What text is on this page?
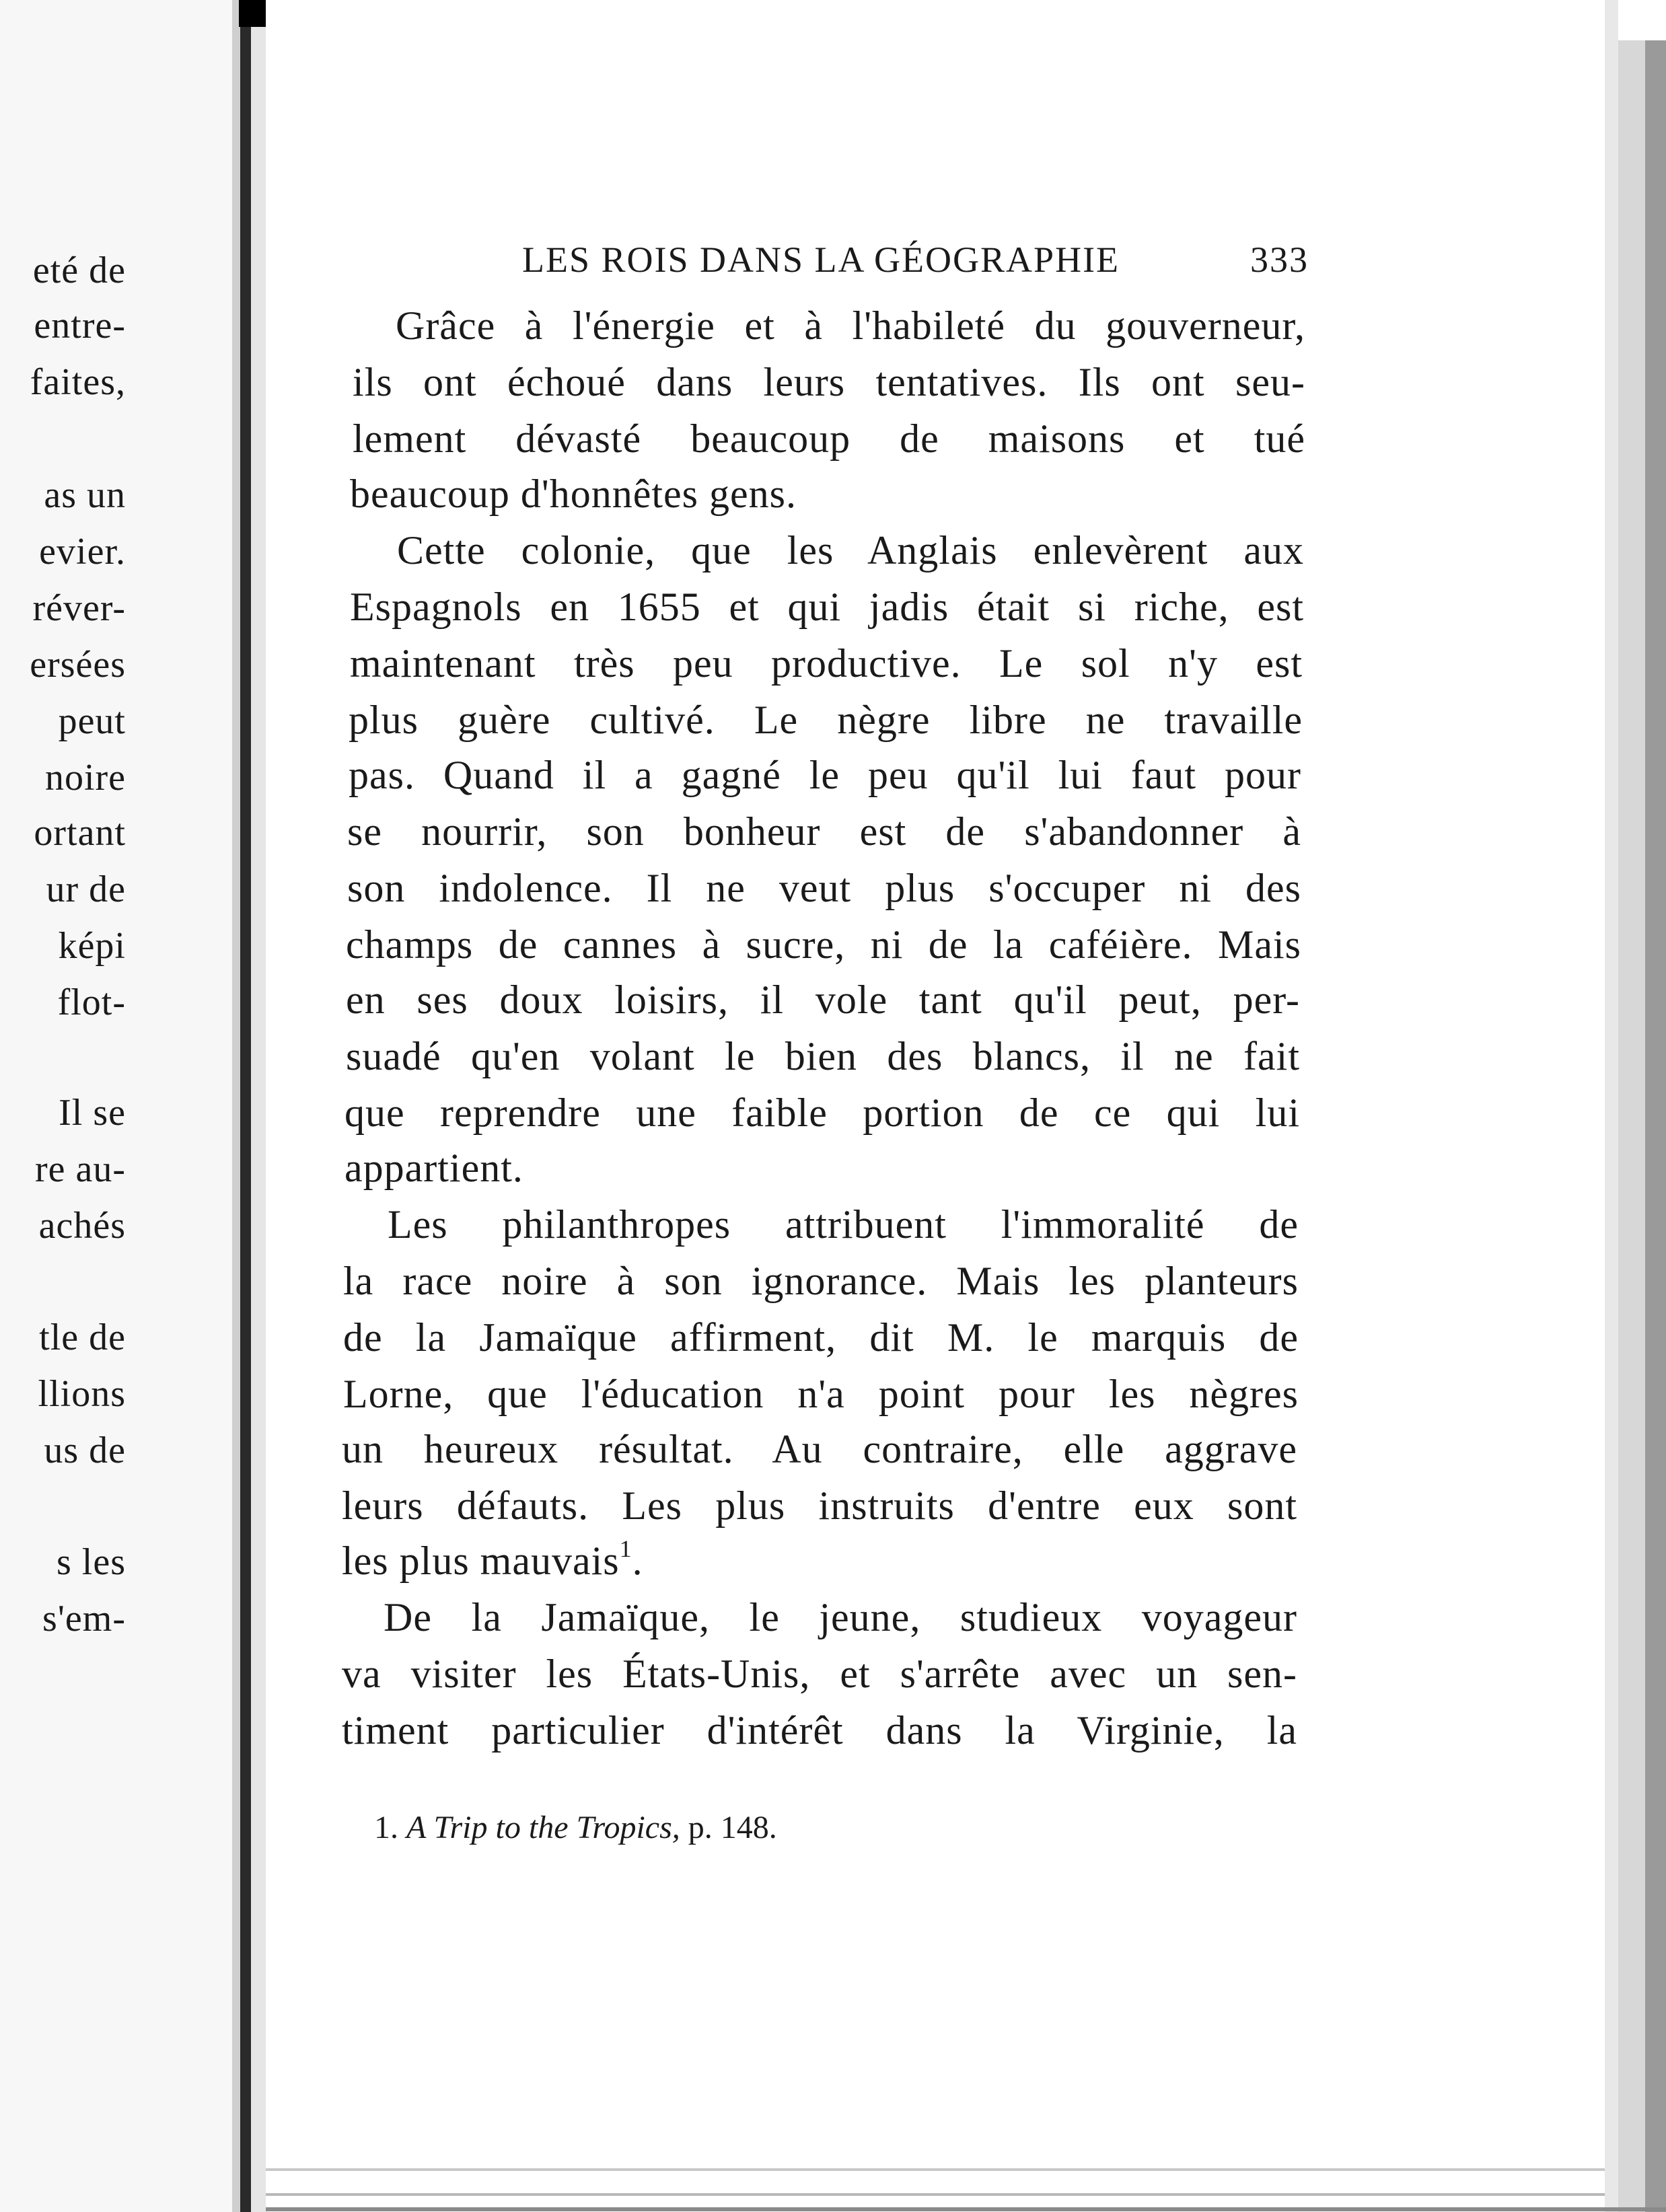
eté de
entre-
faites,
as un
evier.
réver-
ersées
peut
noire
ortant
ur de
képi
flot-
Il se
re au-
achés
tle de
llions
us de
s les
s'em-
LES ROIS DANS LA GÉOGRAPHIE	333
Grâce à l'énergie et à l'habileté du gouverneur,
ils ont échoué dans leurs tentatives. Ils ont seu-
lement dévasté beaucoup de maisons et tué
beaucoup d'honnêtes gens.
Cette colonie, que les Anglais enlevèrent aux
Espagnols en 1655 et qui jadis était si riche, est
maintenant très peu productive. Le sol n'y est
plus guère cultivé. Le nègre libre ne travaille
pas. Quand il a gagné le peu qu'il lui faut pour
se nourrir, son bonheur est de s'abandonner à
son indolence. Il ne veut plus s'occuper ni des
champs de cannes à sucre, ni de la caféière. Mais
en ses doux loisirs, il vole tant qu'il peut, per-
suadé qu'en volant le bien des blancs, il ne fait
que reprendre une faible portion de ce qui lui
appartient.
Les philanthropes attribuent l'immoralité de
la race noire à son ignorance. Mais les planteurs
de la Jamaïque affirment, dit M. le marquis de
Lorne, que l'éducation n'a point pour les nègres
un heureux résultat. Au contraire, elle aggrave
leurs défauts. Les plus instruits d'entre eux sont
les plus mauvais$^1$.
De la Jamaïque, le jeune, studieux voyageur
va visiter les États-Unis, et s'arrête avec un sen-
timent particulier d'intérêt dans la Virginie, la
1. A Trip to the Tropics, p. 148.
